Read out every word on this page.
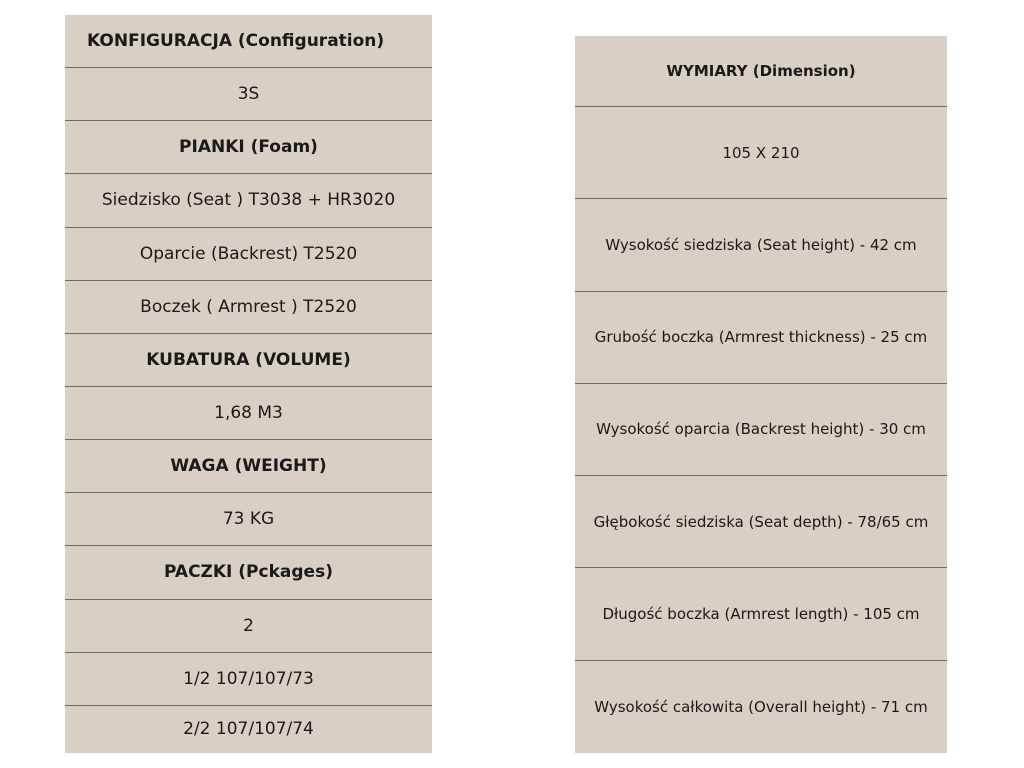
KONFIGURACJA (Configuration)
3S
PIANKI (Foam)
Siedzisko (Seat ) T3038 + HR3020
Oparcie (Backrest) T2520
Boczek ( Armrest ) T2520
KUBATURA (VOLUME)
1,68 M3
WAGA (WEIGHT)
73 KG
PACZKI (Pckages)
2
1/2 107/107/73
2/2 107/107/74
WYMIARY (Dimension)
105 X 210
Wysokość siedziska (Seat height) - 42 cm
Grubość boczka (Armrest thickness) - 25 cm
Wysokość oparcia (Backrest height) - 30 cm
Głębokość siedziska (Seat depth) - 78/65 cm
Długość boczka (Armrest length) - 105 cm
Wysokość całkowita (Overall height) - 71 cm
